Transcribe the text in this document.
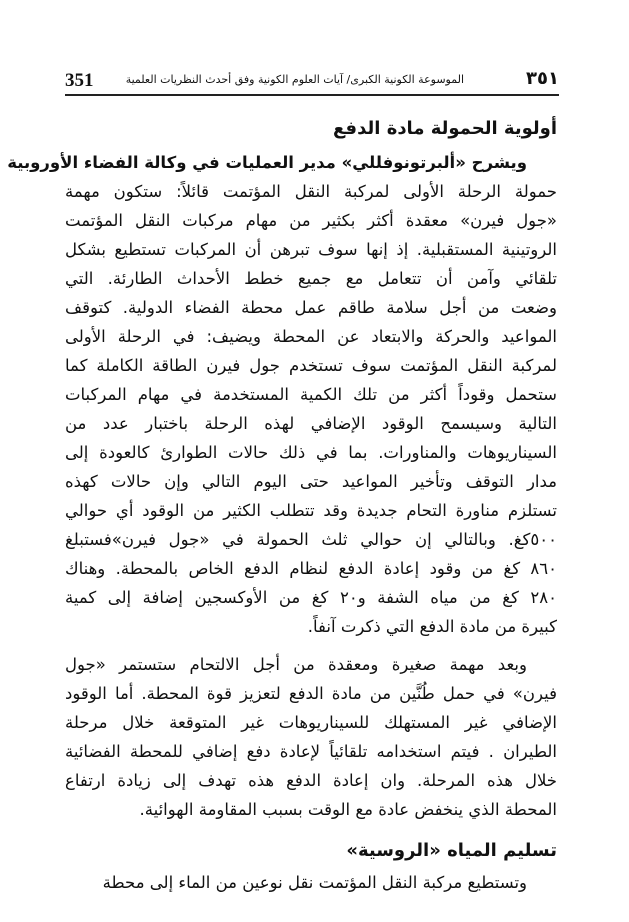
351	الموسوعة الكونية الكبرى/ آيات العلوم الكونية وفق أحدث النظريات العلمية	٣٥١
أولوية الحمولة مادة الدفع
ويشرح «ألبرتونوفللي» مدير العمليات في وكالة الفضاء الأوروبية
حمولة الرحلة الأولى لمركبة النقل المؤتمت قائلاً: ستكون مهمة
«جول فيرن» معقدة أكثر بكثير من مهام مركبات النقل المؤتمت
الروتينية المستقبلية. إذ إنها سوف تبرهن أن المركبات تستطيع بشكل
تلقائي وآمن أن تتعامل مع جميع خطط الأحداث الطارئة. التي
وضعت من أجل سلامة طاقم عمل محطة الفضاء الدولية. كتوقف
المواعيد والحركة والابتعاد عن المحطة ويضيف: في الرحلة الأولى
لمركبة النقل المؤتمت سوف تستخدم جول فيرن الطاقة الكاملة كما
ستحمل وقوداً أكثر من تلك الكمية المستخدمة في مهام المركبات
التالية وسيسمح الوقود الإضافي لهذه الرحلة باختبار عدد من
السيناريوهات والمناورات. بما في ذلك حالات الطوارئ كالعودة إلى
مدار التوقف وتأخير المواعيد حتى اليوم التالي وإن حالات كهذه
تستلزم مناورة التحام جديدة وقد تتطلب الكثير من الوقود أي حوالي
٥٠٠كغ. وبالتالي إن حوالي ثلث الحمولة في «جول فيرن»فستبلغ
٨٦٠ كغ من وقود إعادة الدفع لنظام الدفع الخاص بالمحطة. وهناك
٢٨٠ كغ من مياه الشفة و٢٠ كغ من الأوكسجين إضافة إلى كمية
كبيرة من مادة الدفع التي ذكرت آنفاً.
وبعد مهمة صغيرة ومعقدة من أجل الالتحام ستستمر «جول
فيرن» في حمل طُنَّين من مادة الدفع لتعزيز قوة المحطة. أما الوقود
الإضافي غير المستهلك للسيناريوهات غير المتوقعة خلال مرحلة
الطيران . فيتم استخدامه تلقائياً لإعادة دفع إضافي للمحطة الفضائية
خلال هذه المرحلة. وان إعادة الدفع هذه تهدف إلى زيادة ارتفاع
المحطة الذي ينخفض عادة مع الوقت بسبب المقاومة الهوائية.
تسليم المياه «الروسية»
وتستطيع مركبة النقل المؤتمت نقل نوعين من الماء إلى محطة
